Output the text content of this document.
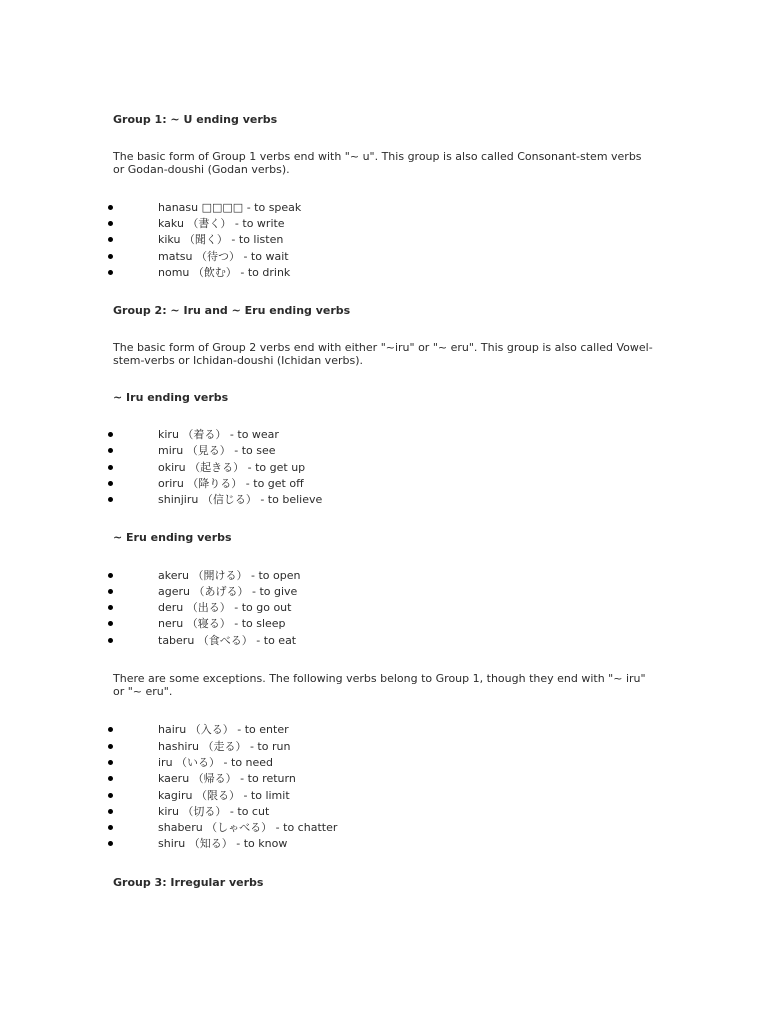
Group 1: ~ U ending verbs
The basic form of Group 1 verbs end with "~ u". This group is also called Consonant-stem verbs or Godan-doushi (Godan verbs).
hanasu □□□□ - to speak
kaku （書く） - to write
kiku （聞く） - to listen
matsu （待つ） - to wait
nomu （飲む） - to drink
Group 2: ~ Iru and ~ Eru ending verbs
The basic form of Group 2 verbs end with either "~iru" or "~ eru". This group is also called Vowel-stem-verbs or Ichidan-doushi (Ichidan verbs).
~ Iru ending verbs
kiru （着る） - to wear
miru （見る） - to see
okiru （起きる） - to get up
oriru （降りる） - to get off
shinjiru （信じる） - to believe
~ Eru ending verbs
akeru （開ける） - to open
ageru （あげる） - to give
deru （出る） - to go out
neru （寝る） - to sleep
taberu （食べる） - to eat
There are some exceptions. The following verbs belong to Group 1, though they end with "~ iru" or "~ eru".
hairu （入る） - to enter
hashiru （走る） - to run
iru （いる） - to need
kaeru （帰る） - to return
kagiru （限る） - to limit
kiru （切る） - to cut
shaberu （しゃべる） - to chatter
shiru （知る） - to know
Group 3: Irregular verbs
